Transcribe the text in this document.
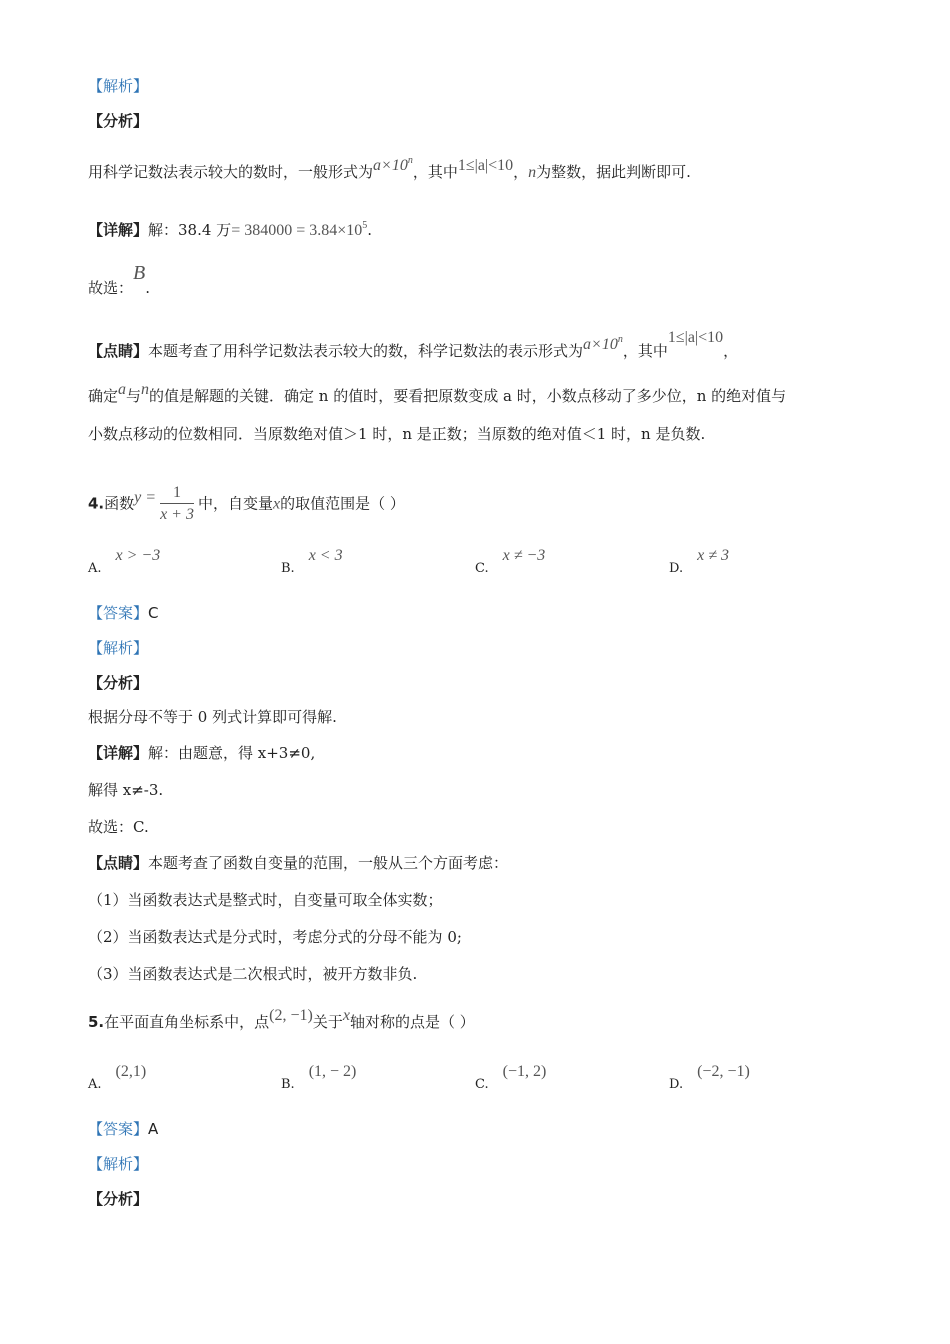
【解析】
【分析】
用科学记数法表示较大的数时，一般形式为$a\times 10^n$，其中1≤|a|<10，n为整数，据此判断即可.
【详解】解：38.4 万= $384000 = 3.84\times 10^5$.
故选：B.
【点睛】本题考查了用科学记数法表示较大的数，科学记数法的表示形式为$a\times 10^n$，其中1≤|a|<10，
确定a与n的值是解题的关键．确定 n 的值时，要看把原数变成 a 时，小数点移动了多少位，n 的绝对值与
小数点移动的位数相同．当原数绝对值＞1 时，n 是正数；当原数的绝对值＜1 时，n 是负数.
4.函数$y = \frac{1}{x + 3}$ 中，自变量x的取值范围是（ ）
A.x > −3
B.x < 3
C.x ≠ −3
D.x ≠ 3
【答案】C
【解析】
【分析】
根据分母不等于 0 列式计算即可得解.
【详解】解：由题意，得 x+3≠0,
解得 x≠-3.
故选：C.
【点睛】本题考查了函数自变量的范围，一般从三个方面考虑：
（1）当函数表达式是整式时，自变量可取全体实数；
（2）当函数表达式是分式时，考虑分式的分母不能为 0;
（3）当函数表达式是二次根式时，被开方数非负.
5.在平面直角坐标系中，点(2, −1)关于x轴对称的点是（ ）
A.(2,1)
B.(1, − 2)
C.(−1, 2)
D.(−2, −1)
【答案】A
【解析】
【分析】
